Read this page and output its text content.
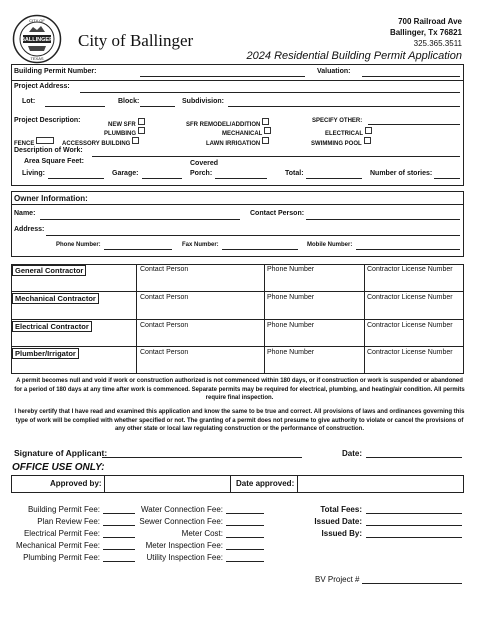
BALLINGER
CITY OF
TEXAS
City of Ballinger
700 Railroad Ave
Ballinger, Tx 76821
325.365.3511
2024 Residential Building Permit Application
Building Permit Number:	Valuation:
Project Address:
Lot:	Block:	Subdivision:
Project Description:
NEW SFR
PLUMBING
ACCESSORY BUILDING
FENCE
SFR REMODEL/ADDITION
MECHANICAL
LAWN IRRIGATION
SPECIFY OTHER:
ELECTRICAL
SWIMMING POOL
Description of Work:
Area Square Feet:	Covered
Living:	Garage:	Porch:	Total:	Number of stories:
Owner Information:
Name:	Contact Person:
Address:
Phone Number:	Fax Number:	Mobile Number:
General Contractor	Contact Person	Phone Number	Contractor License Number
Mechanical Contractor	Contact Person	Phone Number	Contractor License Number
Electrical Contractor	Contact Person	Phone Number	Contractor License Number
Plumber/Irrigator	Contact Person	Phone Number	Contractor License Number
A permit becomes null and void if work or construction authorized is not commenced within 180 days, or if construction or work is suspended or abandoned for a period of 180 days at any time after work is commenced. Separate permits may be required for electrical, plumbing, and heating/air condition. All permits require final inspection.
I hereby certify that I have read and examined this application and know the same to be true and correct. All provisions of laws and ordinances governing this type of work will be complied with whether specified or not. The granting of a permit does not presume to give authority to violate or cancel the provisions of any other state or local law regulating construction or the performance of construction.
Signature of Applicant:	Date:
OFFICE USE ONLY:
Approved by:	Date approved:
Building Permit Fee:
Plan Review Fee:
Electrical Permit Fee:
Mechanical Permit Fee:
Plumbing Permit Fee:
Water Connection Fee:
Sewer Connection Fee:
Meter Cost:
Meter Inspection Fee:
Utility Inspection Fee:
Total Fees:
Issued Date:
Issued By:
BV Project #
